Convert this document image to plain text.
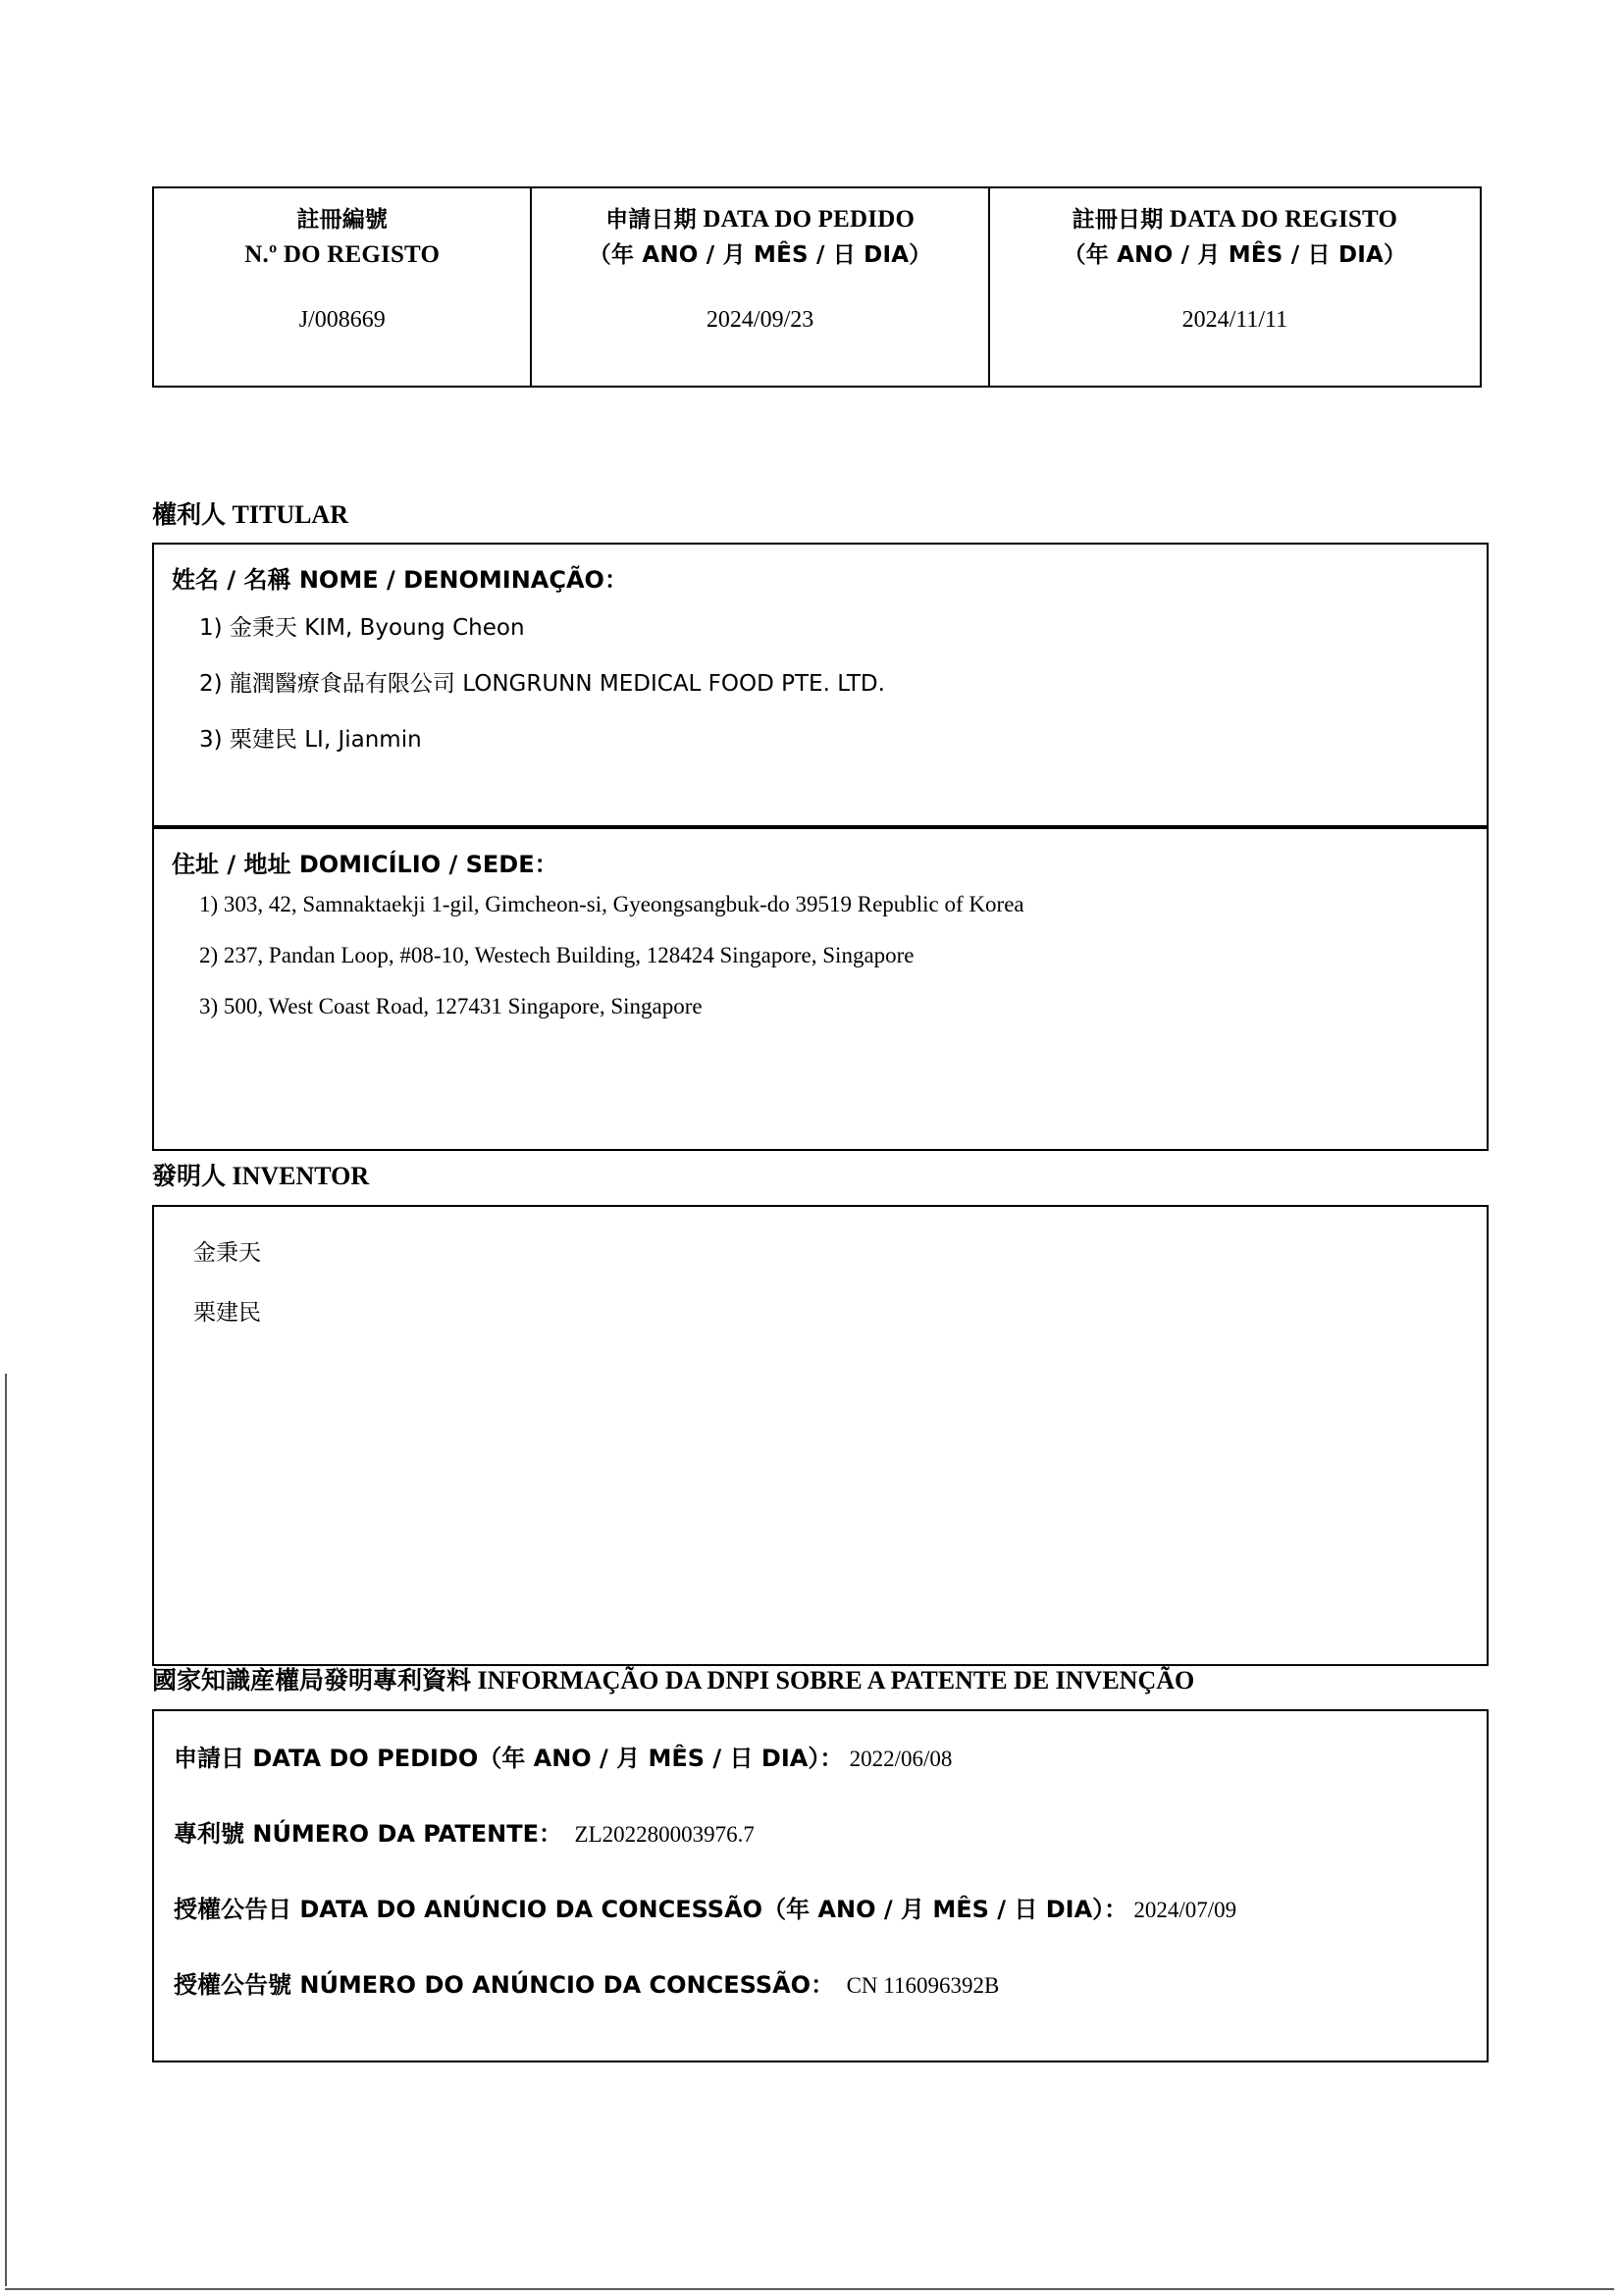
註冊編號
N.º DO REGISTO
J/008669
申請日期 DATA DO PEDIDO
（年 ANO / 月 MÊS / 日 DIA）
2024/09/23
註冊日期 DATA DO REGISTO
（年 ANO / 月 MÊS / 日 DIA）
2024/11/11
權利人 TITULAR
姓名 / 名稱 NOME / DENOMINAÇÃO：
1) 金秉天 KIM, Byoung Cheon
2) 龍潤醫療食品有限公司 LONGRUNN MEDICAL FOOD PTE. LTD.
3) 栗建民 LI, Jianmin
住址 / 地址 DOMICÍLIO / SEDE：
1) 303, 42, Samnaktaekji 1-gil, Gimcheon-si, Gyeongsangbuk-do 39519 Republic of Korea
2) 237, Pandan Loop, #08-10, Westech Building, 128424 Singapore, Singapore
3) 500, West Coast Road, 127431 Singapore, Singapore
發明人 INVENTOR
金秉天
栗建民
國家知識産權局發明專利資料 INFORMAÇÃO DA DNPI SOBRE A PATENTE DE INVENÇÃO
申請日 DATA DO PEDIDO（年 ANO / 月 MÊS / 日 DIA）： 2022/06/08
專利號 NÚMERO DA PATENTE： ZL202280003976.7
授權公告日 DATA DO ANÚNCIO DA CONCESSÃO（年 ANO / 月 MÊS / 日 DIA）： 2024/07/09
授權公告號 NÚMERO DO ANÚNCIO DA CONCESSÃO： CN 116096392B
